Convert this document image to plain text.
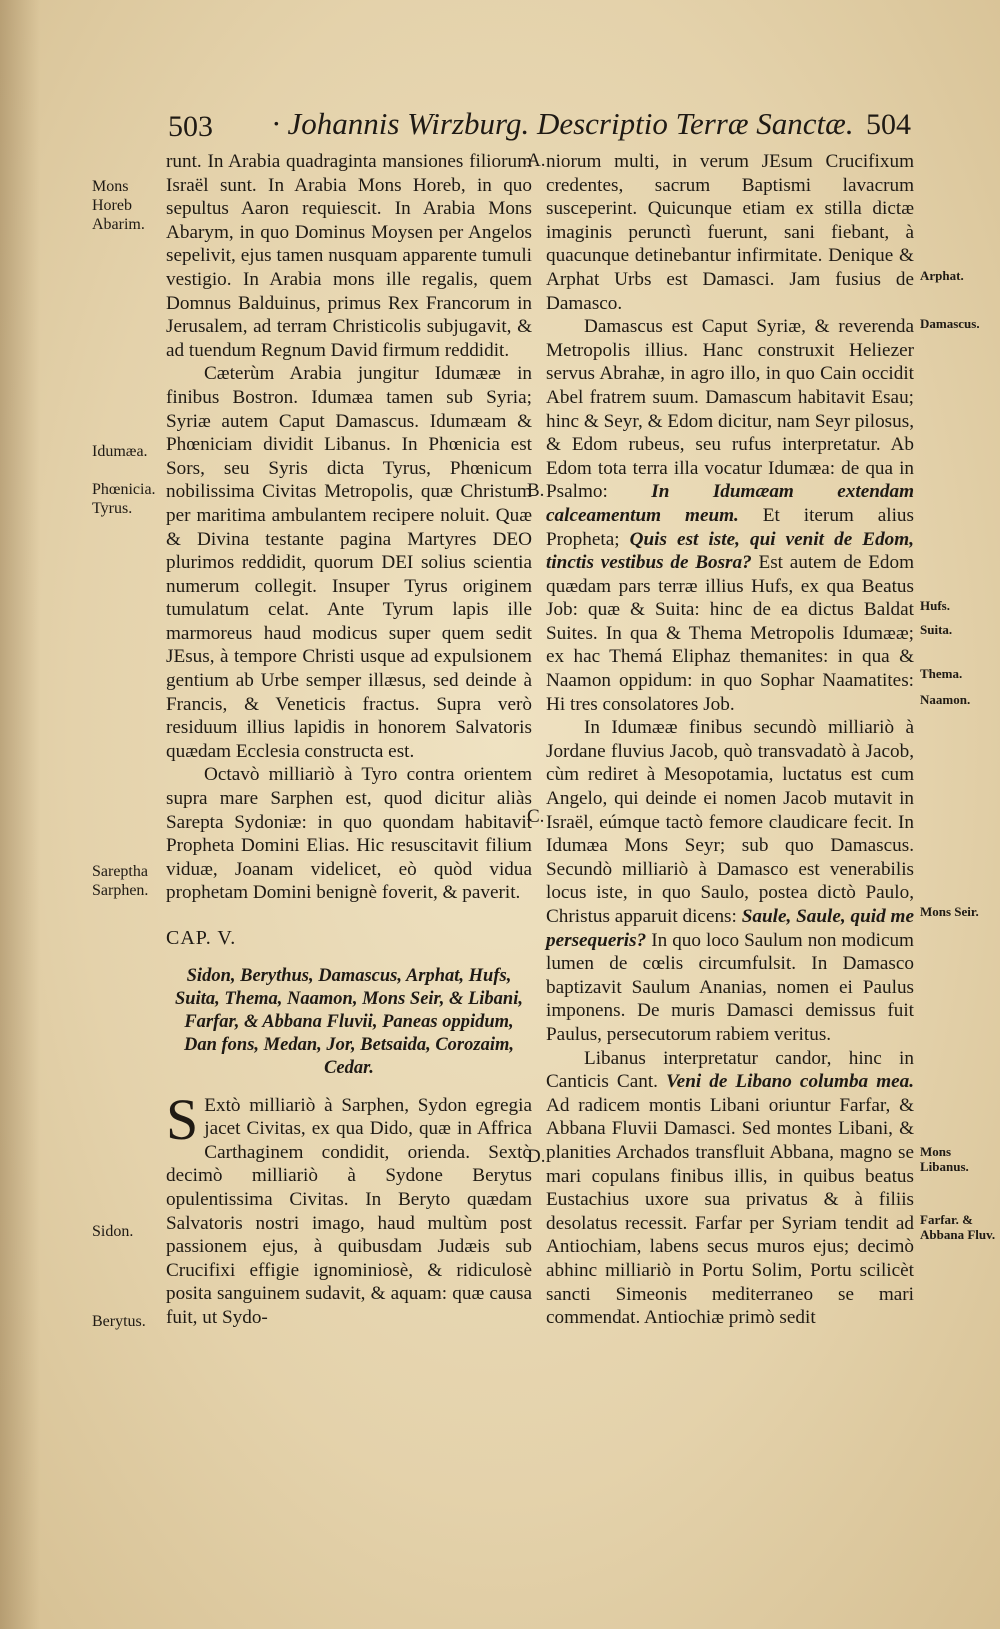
503 · Johannis Wirzburg. Descriptio Terræ Sanctæ. 504

runt. In Arabia quadraginta mansiones filiorum Israël sunt. In Arabia Mons Horeb, in quo sepultus Aaron requiescit. In Arabia Mons Abarym, in quo Dominus Moysen per Angelos sepelivit, ejus tamen nusquam apparente tumuli vestigio. In Arabia mons ille regalis, quem Domnus Balduinus, primus Rex Francorum in Jerusalem, ad terram Christicolis subjugavit, & ad tuendum Regnum David firmum reddidit.

Cæterùm Arabia jungitur Idumææ in finibus Bostron. Idumæa tamen sub Syria; Syriæ autem Caput Damascus. Idumæam & Phœniciam dividit Libanus. In Phœnicia est Sors, seu Syris dicta Tyrus, Phœnicum nobilissima Civitas Metropolis, quæ Christum per maritima ambulantem recipere noluit. Quæ & Divina testante pagina Martyres DEO plurimos reddidit, quorum DEI solius scientia numerum collegit. Insuper Tyrus originem tumulatum celat. Ante Tyrum lapis ille marmoreus haud modicus super quem sedit JEsus, à tempore Christi usque ad expulsionem gentium ab Urbe semper illæsus, sed deinde à Francis, & Veneticis fractus. Supra verò residuum illius lapidis in honorem Salvatoris quædam Ecclesia constructa est.

Octavò milliariò à Tyro contra orientem supra mare Sarphen est, quod dicitur aliàs Sarepta Sydoniæ: in quo quondam habitavit Propheta Domini Elias. Hic resuscitavit filium viduæ, Joanam videlicet, eò quòd vidua prophetam Domini benignè foverit, & paverit.

CAP. V.

Sidon, Berythus, Damascus, Arphat, Hufs, Suita, Thema, Naamon, Mons Seir, & Libani, Farfar, & Abbana Fluvii, Paneas oppidum, Dan fons, Medan, Jor, Betsaida, Corozaim, Cedar.

S Extò milliariò à Sarphen, Sydon egregia jacet Civitas, ex qua Dido, quæ in Affrica Carthaginem condidit, orienda. Sextò decimò milliariò à Sydone Berytus opulentissima Civitas. In Beryto quædam Salvatoris nostri imago, haud multùm post passionem ejus, à quibusdam Judæis sub Crucifixi effigie ignominiosè, & ridiculosè posita sanguinem sudavit, & aquam: quæ causa fuit, ut Sydo-

niorum multi, in verum JEsum Crucifixum credentes, sacrum Baptismi lavacrum susceperint. Quicunque etiam ex stilla dictæ imaginis perunctì fuerunt, sani fiebant, à quacunque detinebantur infirmitate. Denique & Arphat Urbs est Damasci. Jam fusius de Damasco.

Damascus est Caput Syriæ, & reverenda Metropolis illius. Hanc construxit Heliezer servus Abrahæ, in agro illo, in quo Cain occidit Abel fratrem suum. Damascum habitavit Esau; hinc & Seyr, & Edom dicitur, nam Seyr pilosus, & Edom rubeus, seu rufus interpretatur. Ab Edom tota terra illa vocatur Idumæa: de qua in Psalmo: In Idumæam extendam calceamentum meum. Et iterum alius Propheta; Quis est iste, qui venit de Edom, tinctis vestibus de Bosra? Est autem de Edom quædam pars terræ illius Hufs, ex qua Beatus Job: quæ & Suita: hinc de ea dictus Baldat Suites. In qua & Thema Metropolis Idumææ; ex hac Themá Eliphaz themanites: in qua & Naamon oppidum: in quo Sophar Naamatites: Hi tres consolatores Job.

In Idumææ finibus secundò milliariò à Jordane fluvius Jacob, quò transvadatò à Jacob, cùm rediret à Mesopotamia, luctatus est cum Angelo, qui deinde ei nomen Jacob mutavit in Israël, eúmque tactò femore claudicare fecit. In Idumæa Mons Seyr; sub quo Damascus. Secundò milliariò à Damasco est venerabilis locus iste, in quo Saulo, postea dictò Paulo, Christus apparuit dicens: Saule, Saule, quid me persequeris? In quo loco Saulum non modicum lumen de cœlis circumfulsit. In Damasco baptizavit Saulum Ananias, nomen ei Paulus imponens. De muris Damasci demissus fuit Paulus, persecutorum rabiem veritus.

Libanus interpretatur candor, hinc in Canticis Cant. Veni de Libano columba mea. Ad radicem montis Libani oriuntur Farfar, & Abbana Fluvii Damasci. Sed montes Libani, & planities Archados transfluit Abbana, magno se mari copulans finibus illis, in quibus beatus Eustachius uxore sua privatus & à filiis desolatus recessit. Farfar per Syriam tendit ad Antiochiam, labens secus muros ejus; decimò abhinc milliariò in Portu Solim, Portu scilicèt sancti Simeonis mediterraneo se mari commendat. Antiochiæ primò sedit

A.
B.
C.
D.
Mons Horeb Abarim.
Idumæa.
Phœnicia. Tyrus.
Sareptha Sarphen.
Sidon.
Berytus.
Arphat.
Damascus.
Hufs.
Suita.
Thema.
Naamon.
Mons Seir.
Mons Libanus.
Farfar. & Abbana Fluv.
